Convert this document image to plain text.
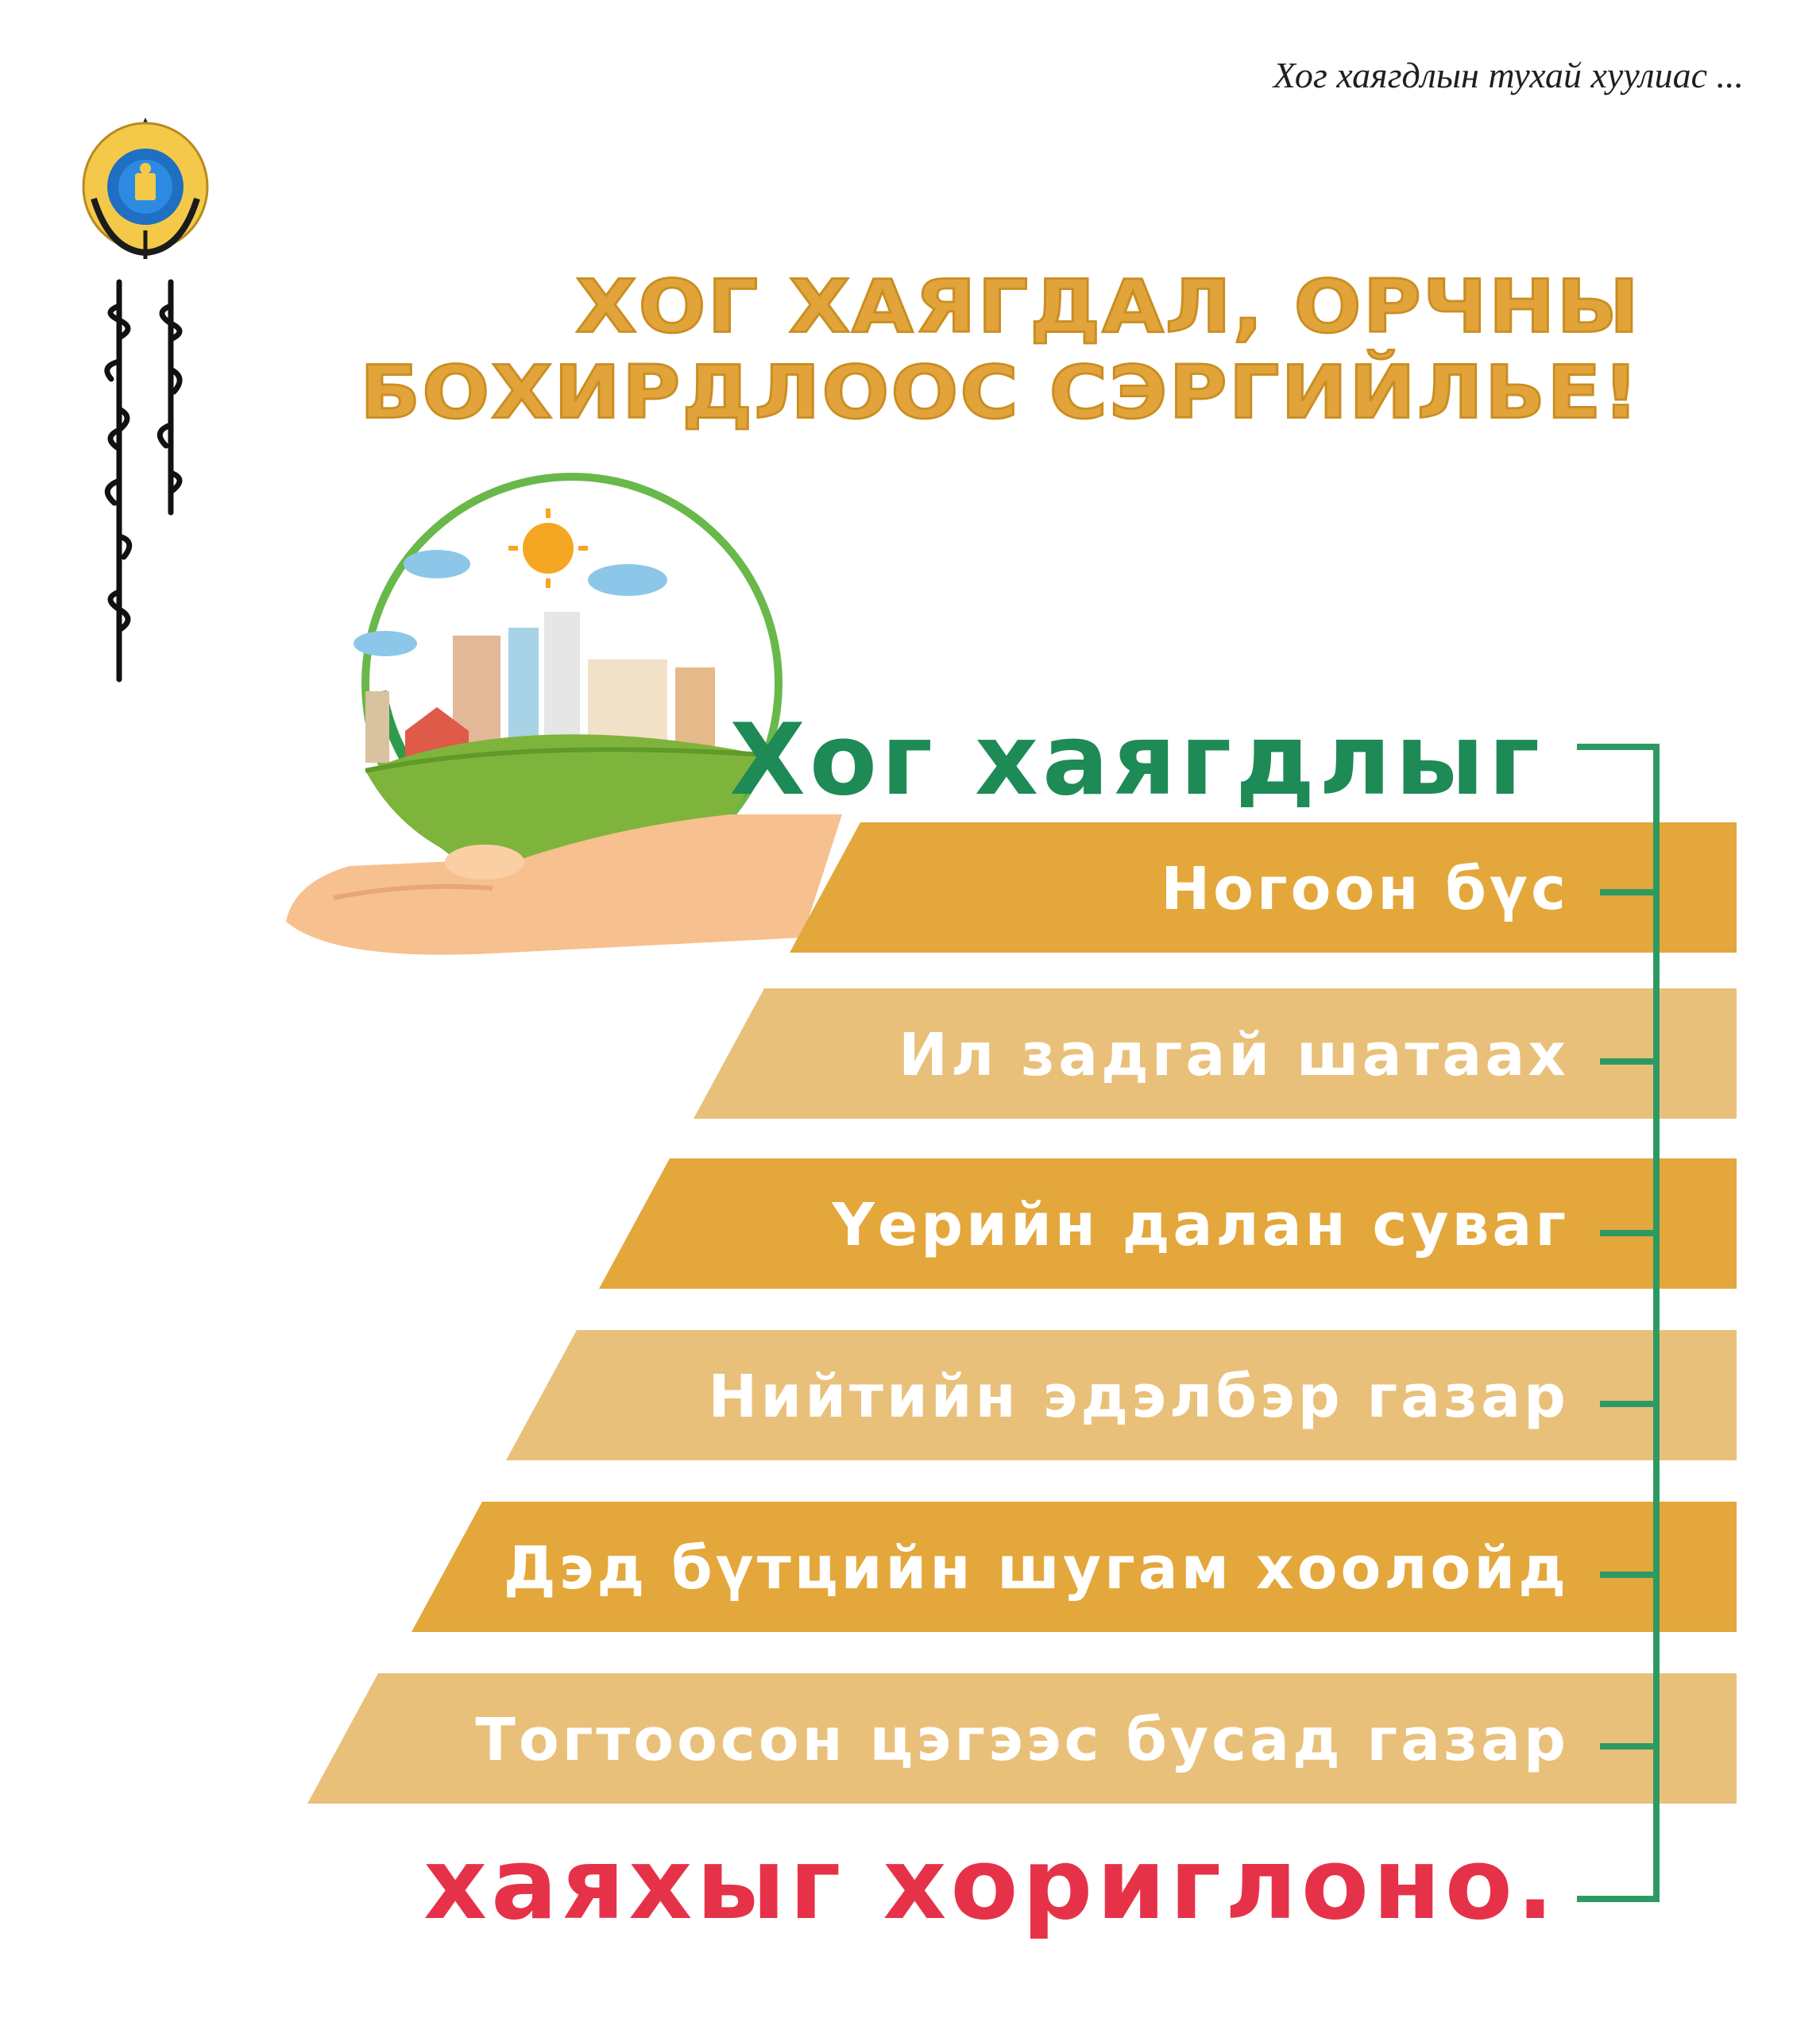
Хог хаягдлын тухай хуулиас ...
ХОГ ХАЯГДАЛ, ОРЧНЫ
БОХИРДЛООС СЭРГИЙЛЬЕ!
Хог хаягдлыг
Ногоон бүс
Ил задгай шатаах
Үерийн далан суваг
Нийтийн эдэлбэр газар
Дэд бүтцийн шугам хоолойд
Тогтоосон цэгээс бусад газар
хаяхыг хориглоно.
